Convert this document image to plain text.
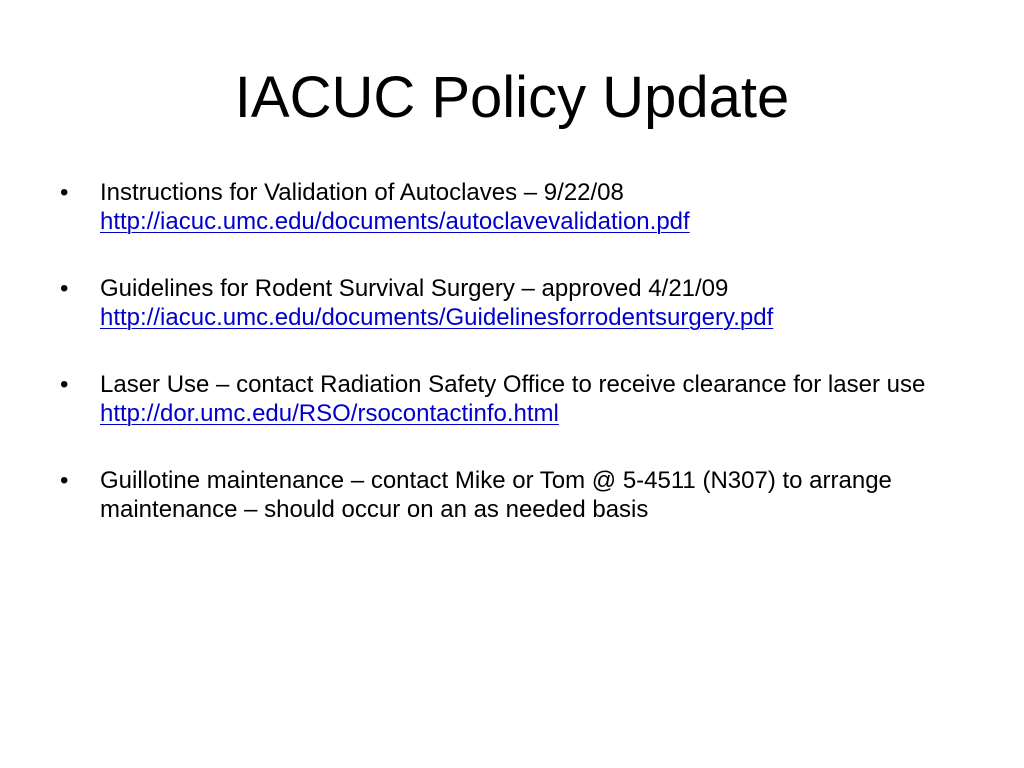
IACUC Policy Update
•	Instructions for Validation of Autoclaves – 9/22/08
http://iacuc.umc.edu/documents/autoclavevalidation.pdf
•	Guidelines for Rodent Survival Surgery – approved 4/21/09
http://iacuc.umc.edu/documents/Guidelinesforrodentsurgery.pdf
•	Laser Use – contact Radiation Safety Office to receive clearance for laser use  http://dor.umc.edu/RSO/rsocontactinfo.html
•	Guillotine maintenance – contact Mike or Tom @ 5-4511 (N307) to arrange maintenance – should occur on an as needed basis
